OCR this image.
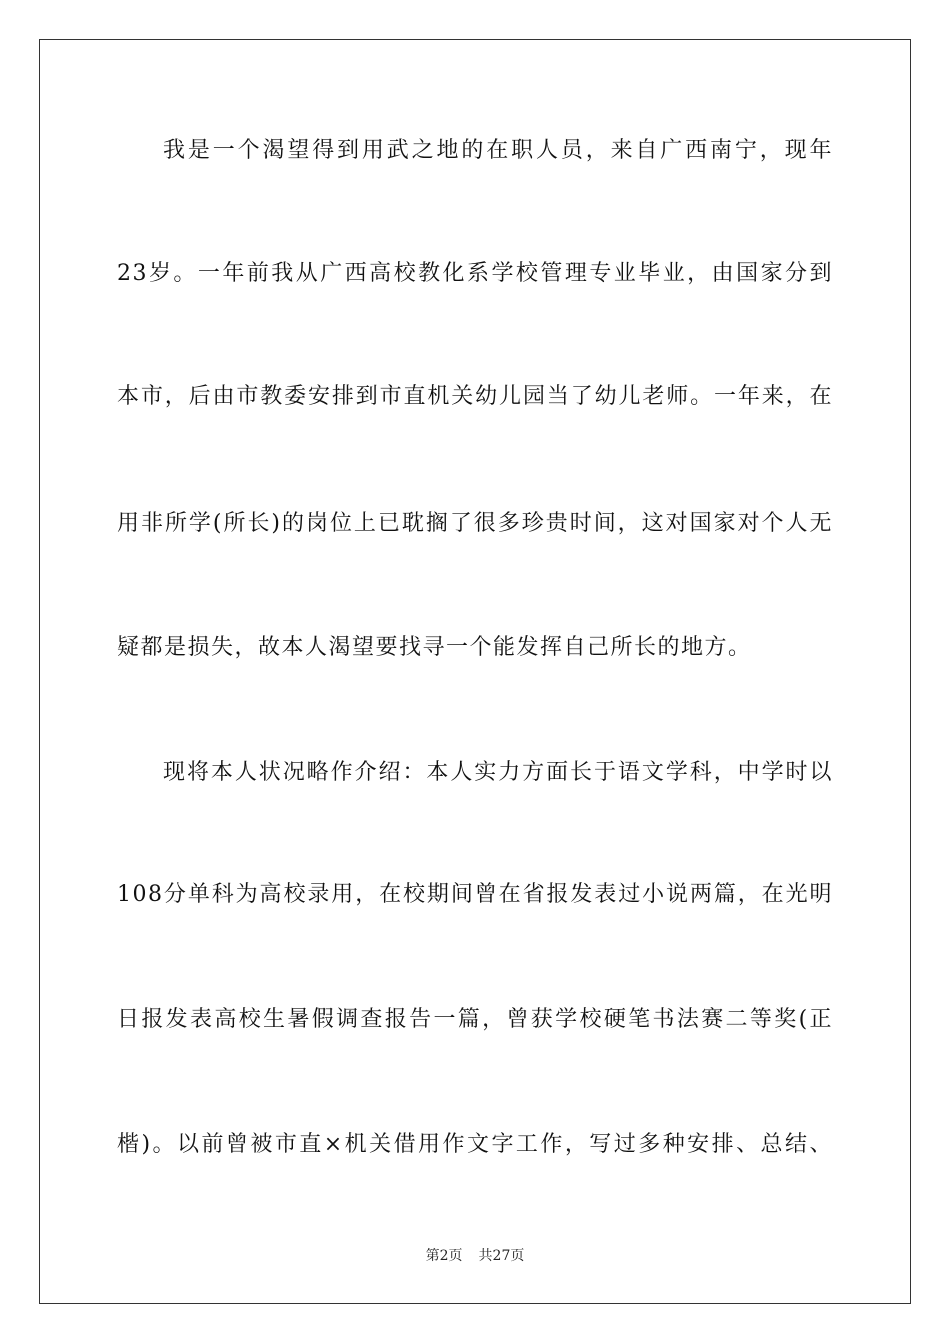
我是一个渴望得到用武之地的在职人员，来自广西南宁，现年
23岁。一年前我从广西高校教化系学校管理专业毕业，由国家分到
本市，后由市教委安排到市直机关幼儿园当了幼儿老师。一年来，在
用非所学(所长)的岗位上已耽搁了很多珍贵时间，这对国家对个人无
疑都是损失，故本人渴望要找寻一个能发挥自己所长的地方。
现将本人状况略作介绍：本人实力方面长于语文学科，中学时以
108分单科为高校录用，在校期间曾在省报发表过小说两篇，在光明
日报发表高校生暑假调查报告一篇，曾获学校硬笔书法赛二等奖(正
楷)。以前曾被市直×机关借用作文字工作，写过多种安排、总结、
第2页 共27页
